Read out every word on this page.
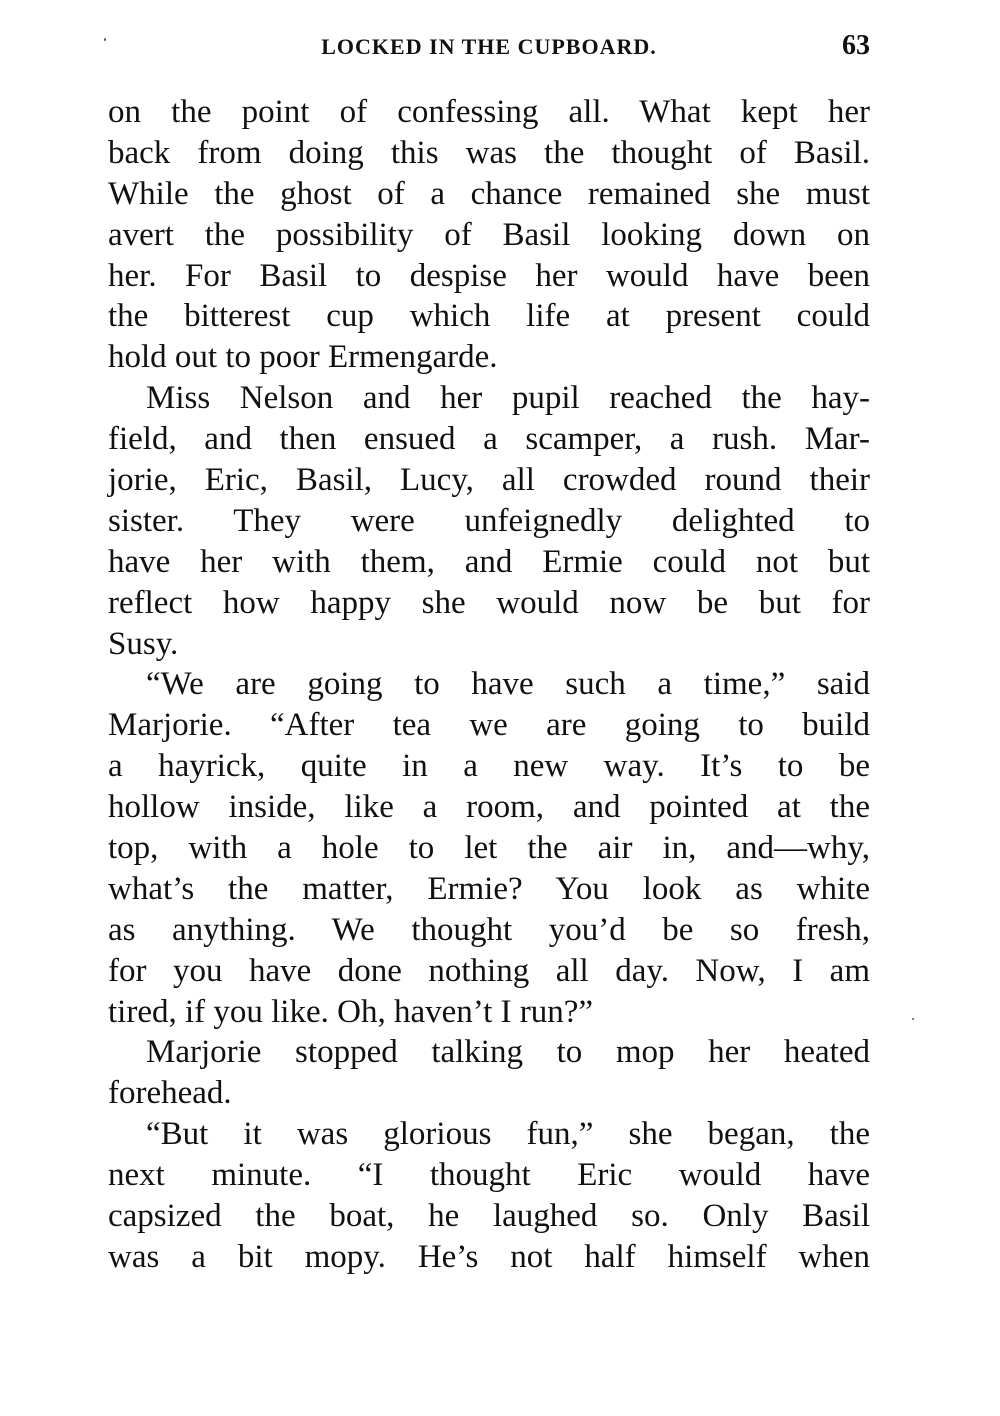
LOCKED IN THE CUPBOARD.	63
on the point of confessing all. What kept her
back from doing this was the thought of Basil.
While the ghost of a chance remained she must
avert the possibility of Basil looking down on
her. For Basil to despise her would have been
the bitterest cup which life at present could
hold out to poor Ermengarde.
Miss Nelson and her pupil reached the hay-
field, and then ensued a scamper, a rush. Mar-
jorie, Eric, Basil, Lucy, all crowded round their
sister. They were unfeignedly delighted to
have her with them, and Ermie could not but
reflect how happy she would now be but for
Susy.
“We are going to have such a time,” said
Marjorie. “After tea we are going to build
a hayrick, quite in a new way. It’s to be
hollow inside, like a room, and pointed at the
top, with a hole to let the air in, and—why,
what’s the matter, Ermie? You look as white
as anything. We thought you’d be so fresh,
for you have done nothing all day. Now, I am
tired, if you like. Oh, haven’t I run?”
Marjorie stopped talking to mop her heated
forehead.
“But it was glorious fun,” she began, the
next minute. “I thought Eric would have
capsized the boat, he laughed so. Only Basil
was a bit mopy. He’s not half himself when
